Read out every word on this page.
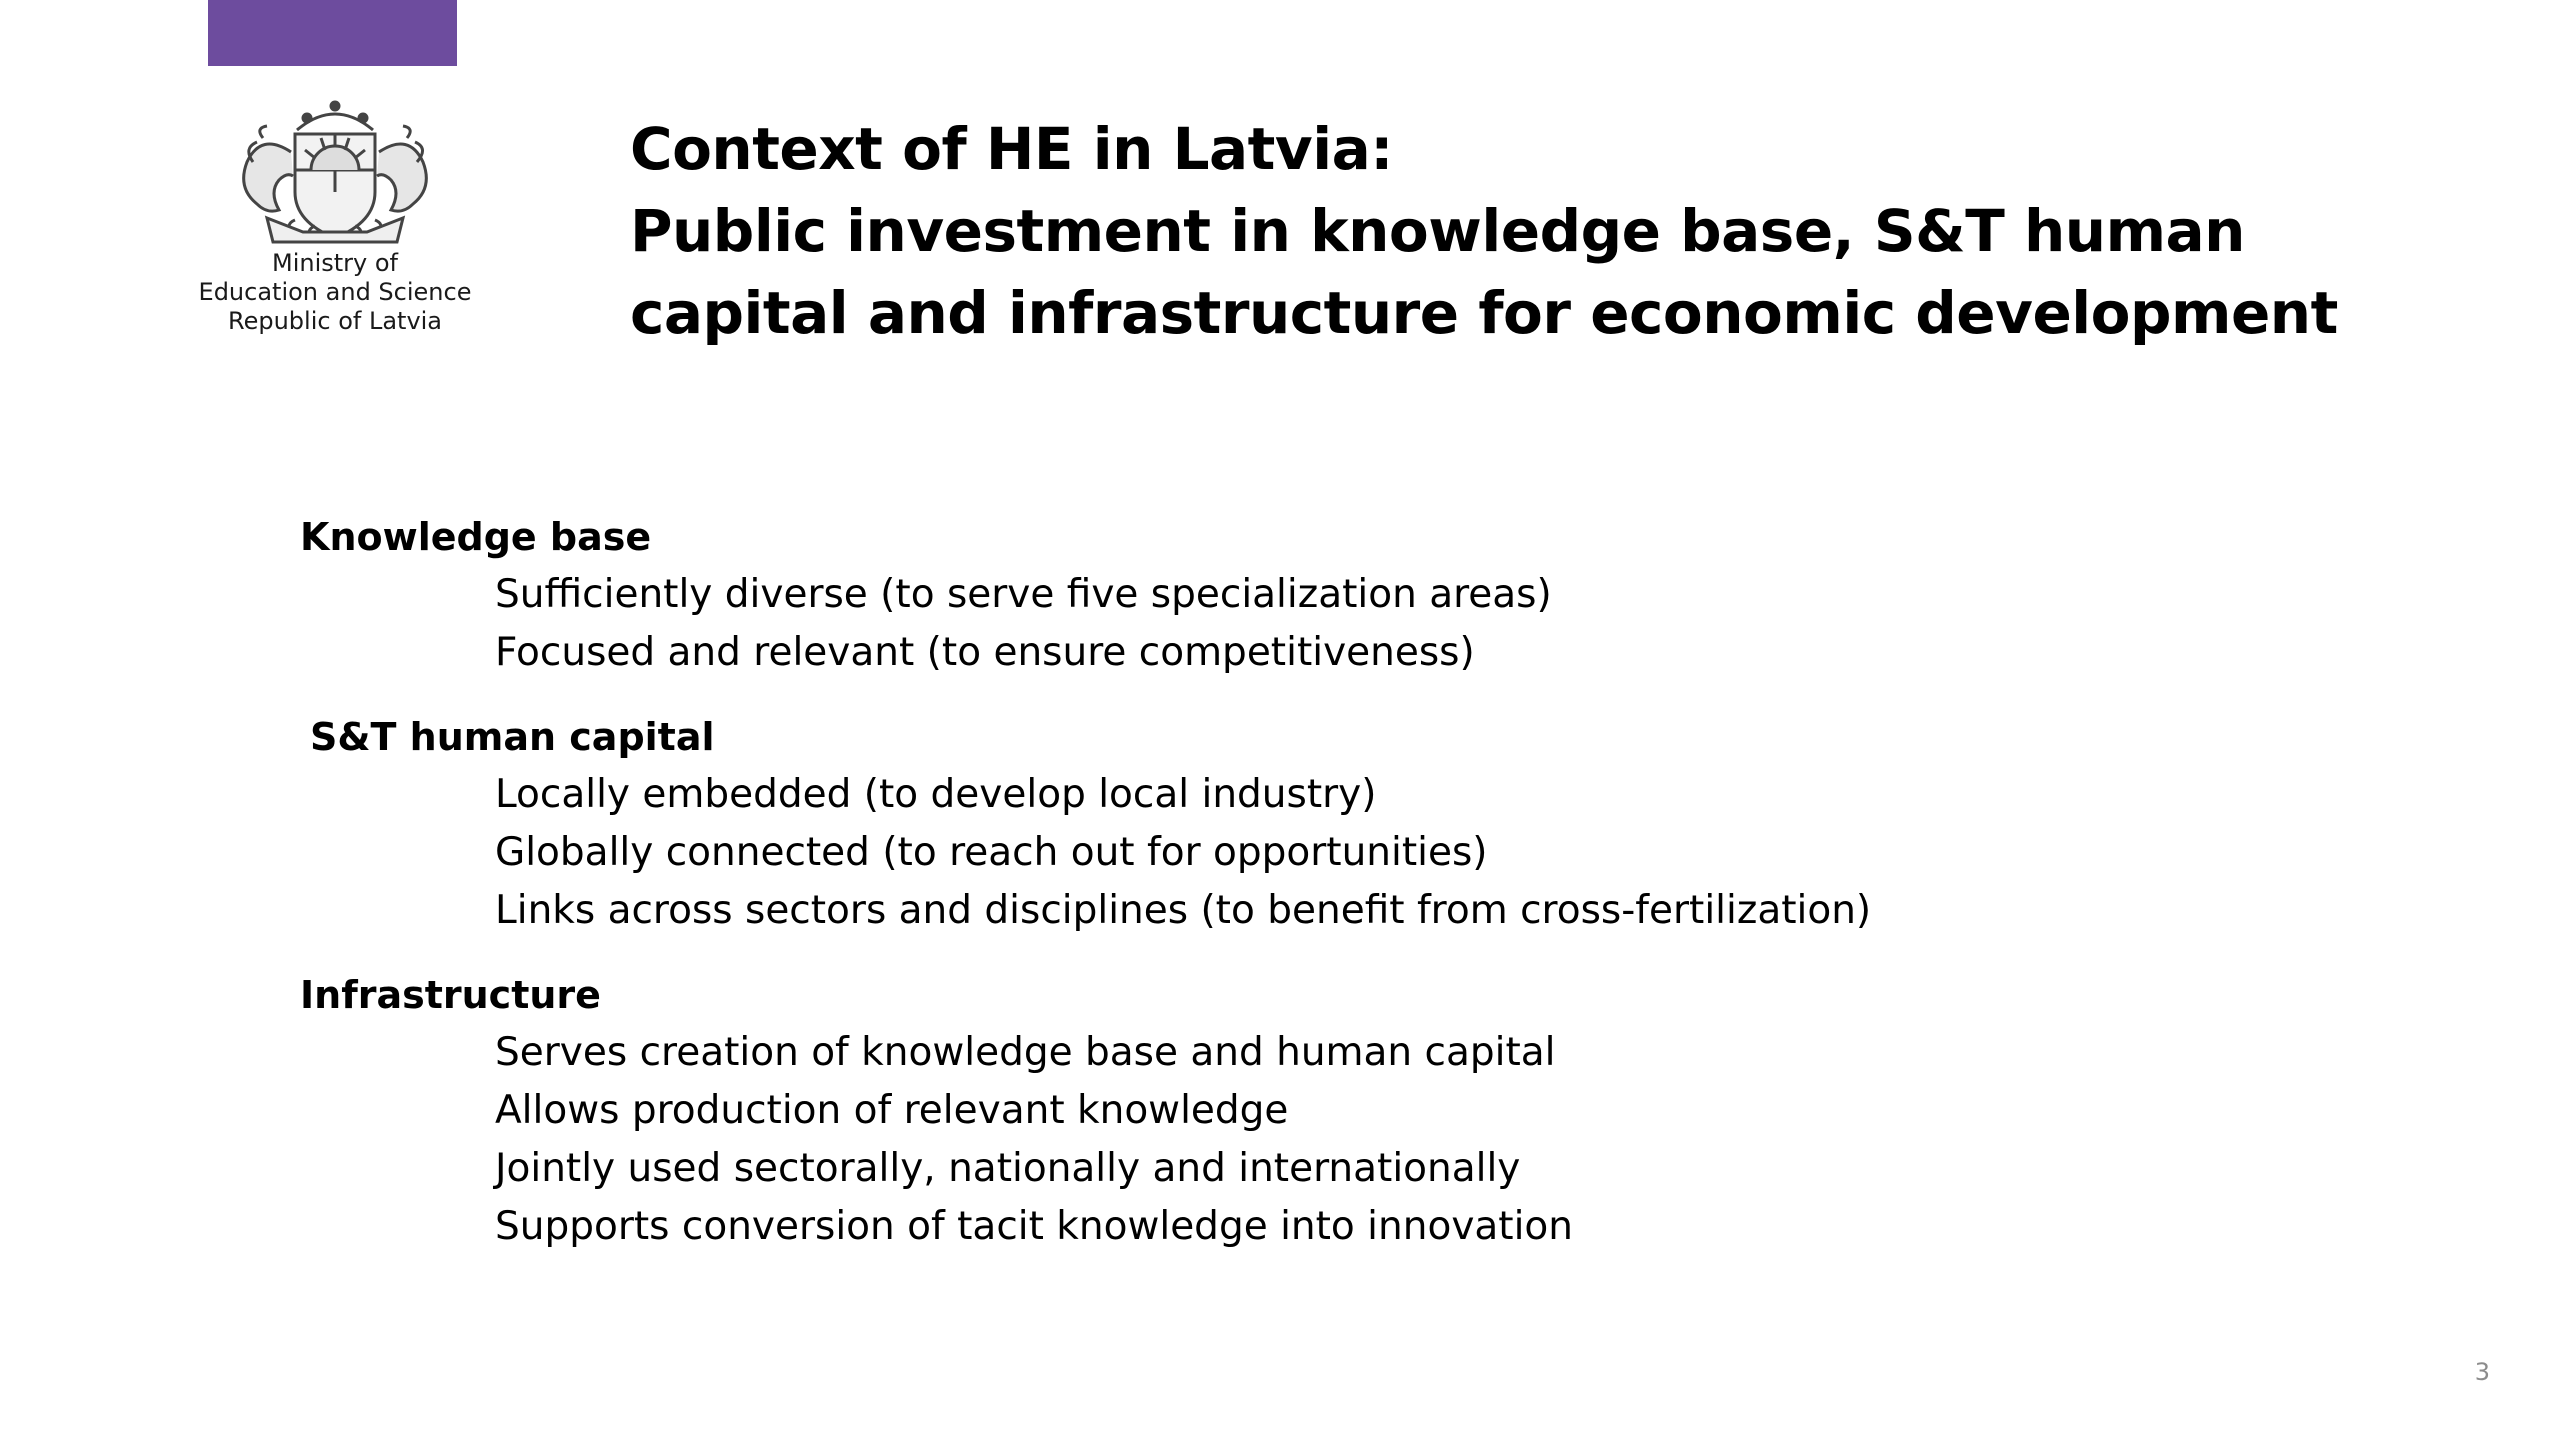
Ministry of
Education and Science
Republic of Latvia
Context of HE in Latvia:
Public investment in knowledge base, S&T human
capital and infrastructure for economic development
Knowledge base
Sufficiently diverse (to serve five specialization areas)
Focused and relevant (to ensure competitiveness)
S&T human capital
Locally embedded (to develop local industry)
Globally connected (to reach out for opportunities)
Links across sectors and disciplines (to benefit from cross-fertilization)
Infrastructure
Serves creation of knowledge base and human capital
Allows production of relevant knowledge
Jointly used sectorally, nationally and internationally
Supports conversion of tacit knowledge into innovation
3
